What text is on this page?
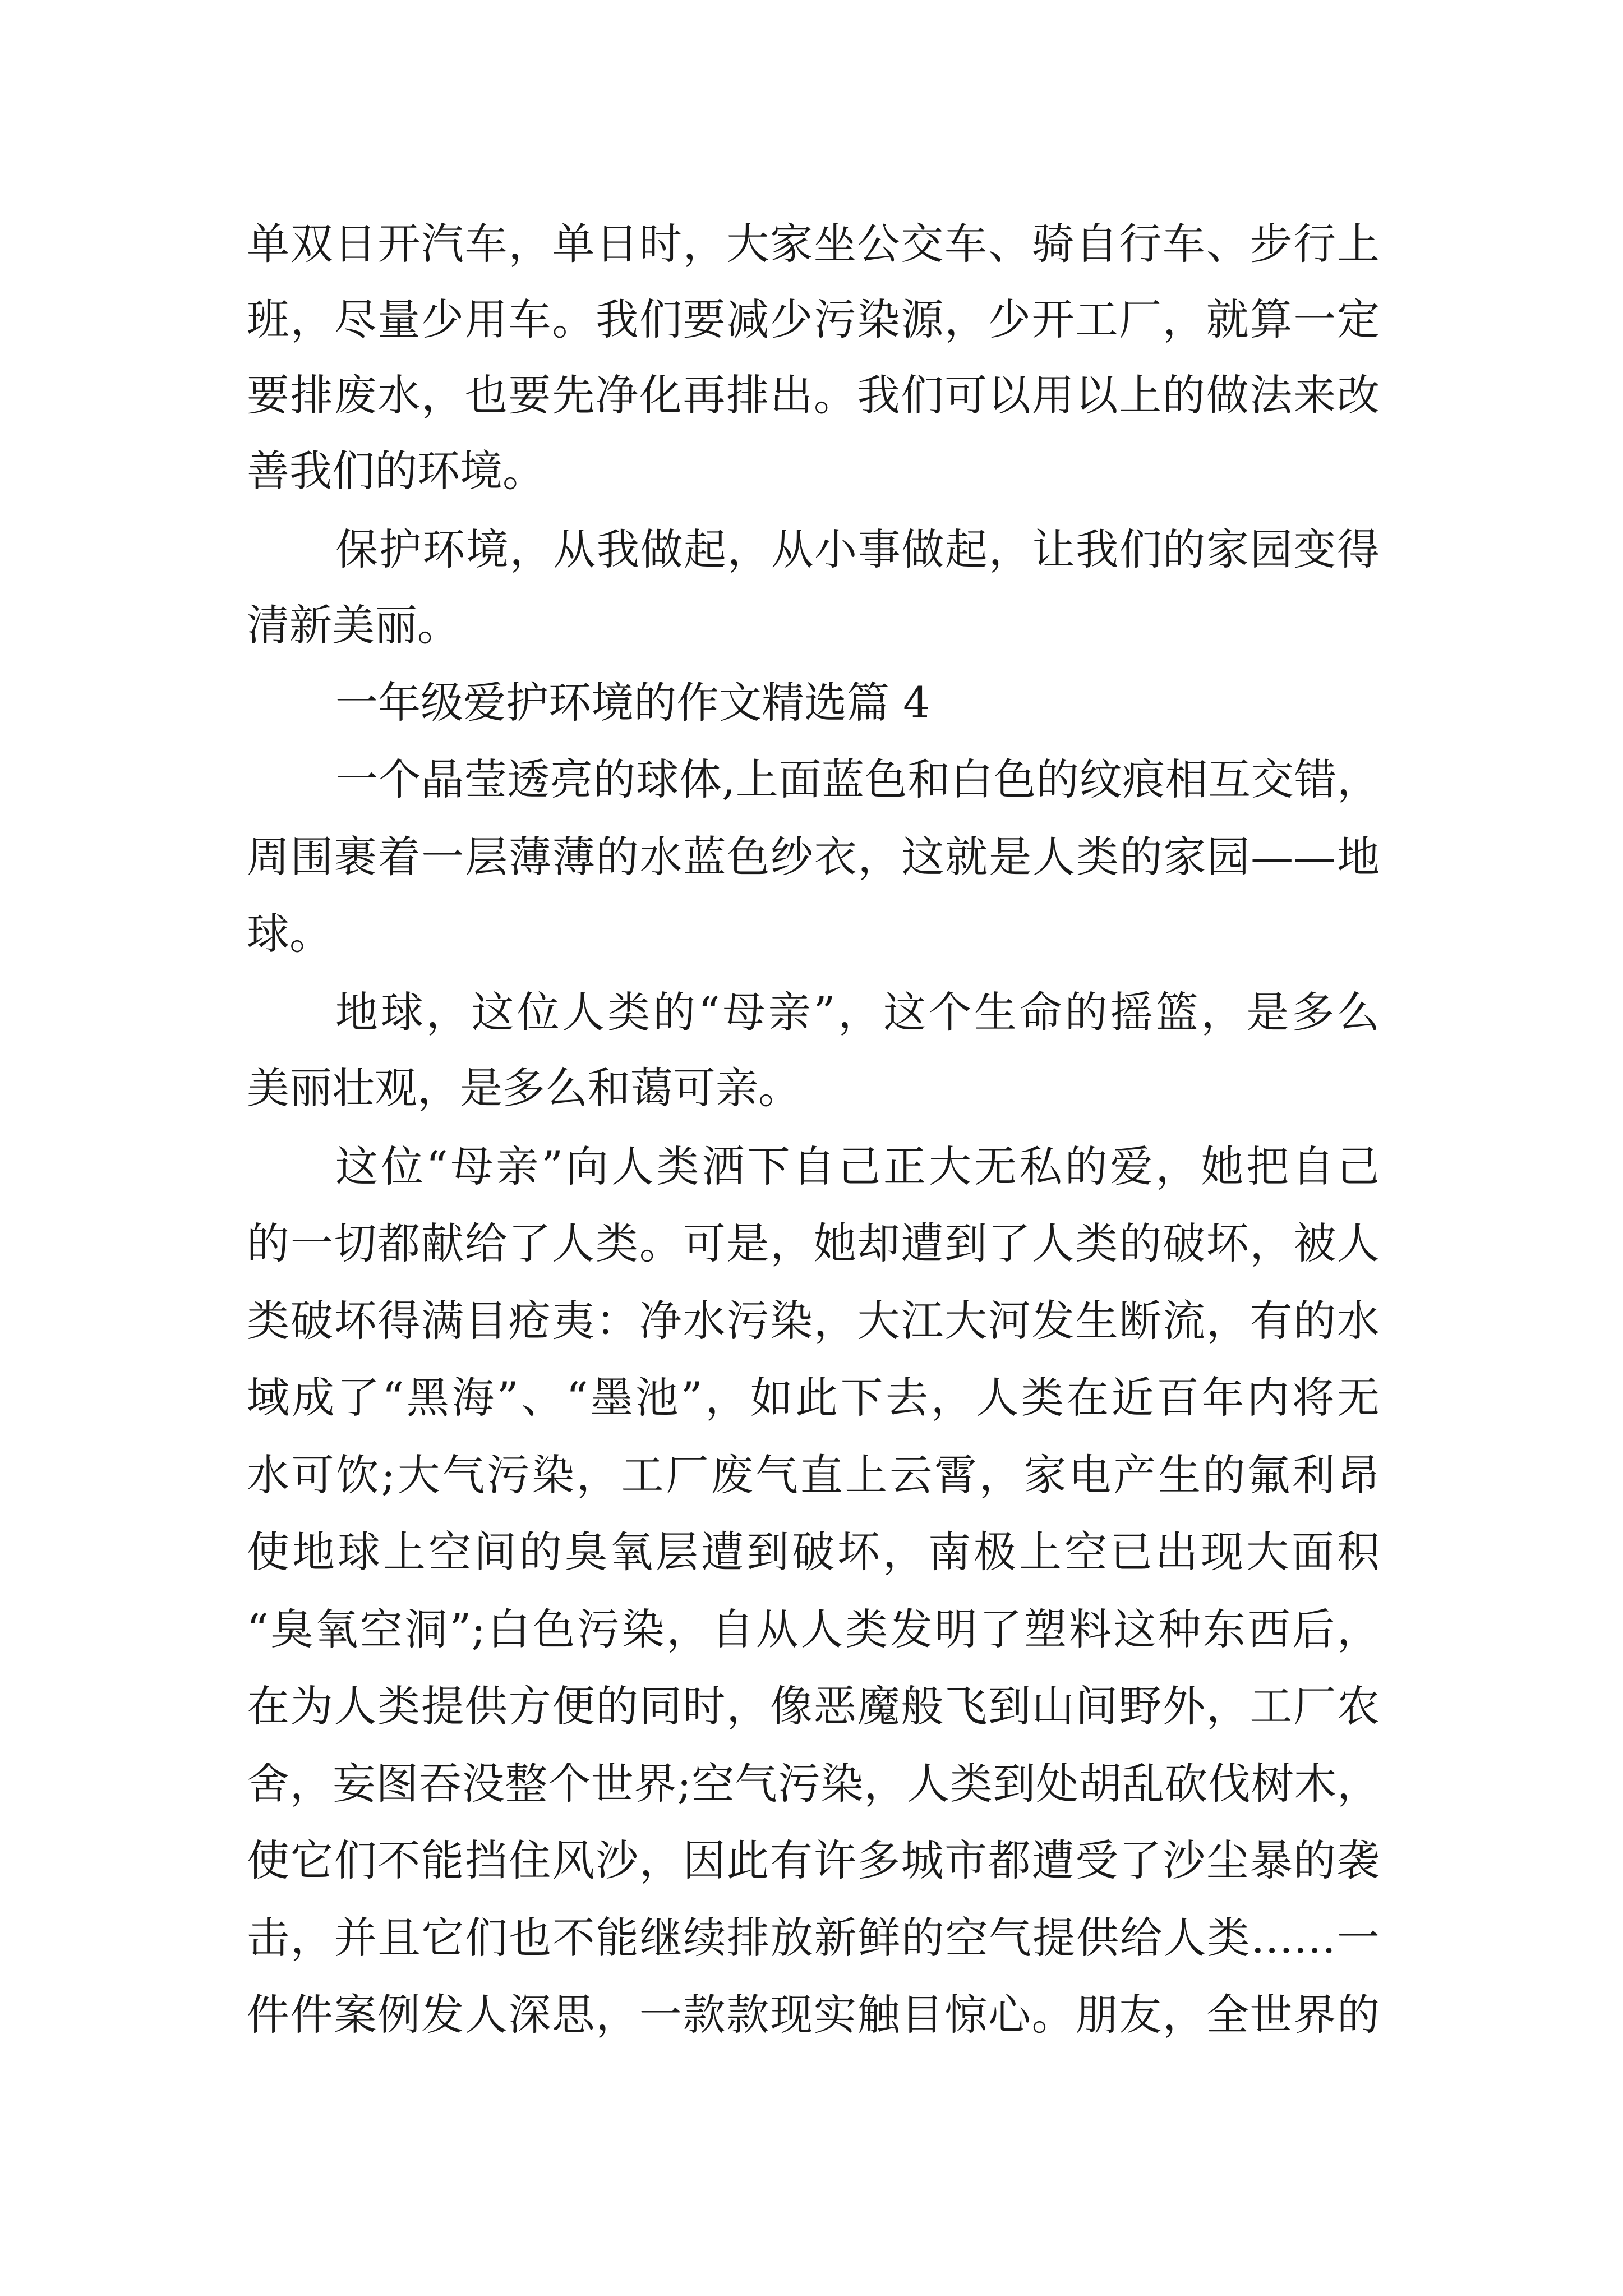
单双日开汽车，单日时，大家坐公交车、骑自行车、步行上
班，尽量少用车。我们要减少污染源，少开工厂，就算一定
要排废水，也要先净化再排出。我们可以用以上的做法来改
善我们的环境。
保护环境，从我做起，从小事做起，让我们的家园变得
清新美丽。
一年级爱护环境的作文精选篇 4
一个晶莹透亮的球体,上面蓝色和白色的纹痕相互交错，
周围裹着一层薄薄的水蓝色纱衣，这就是人类的家园——地
球。
地球，这位人类的“母亲”，这个生命的摇篮，是多么
美丽壮观，是多么和蔼可亲。
这位“母亲”向人类洒下自己正大无私的爱，她把自己
的一切都献给了人类。可是，她却遭到了人类的破坏，被人
类破坏得满目疮夷：净水污染，大江大河发生断流，有的水
域成了“黑海”、“墨池”，如此下去，人类在近百年内将无
水可饮;大气污染，工厂废气直上云霄，家电产生的氟利昂
使地球上空间的臭氧层遭到破坏，南极上空已出现大面积
“臭氧空洞”;白色污染，自从人类发明了塑料这种东西后，
在为人类提供方便的同时，像恶魔般飞到山间野外，工厂农
舍，妄图吞没整个世界;空气污染，人类到处胡乱砍伐树木，
使它们不能挡住风沙，因此有许多城市都遭受了沙尘暴的袭
击，并且它们也不能继续排放新鲜的空气提供给人类……一
件件案例发人深思，一款款现实触目惊心。朋友，全世界的
